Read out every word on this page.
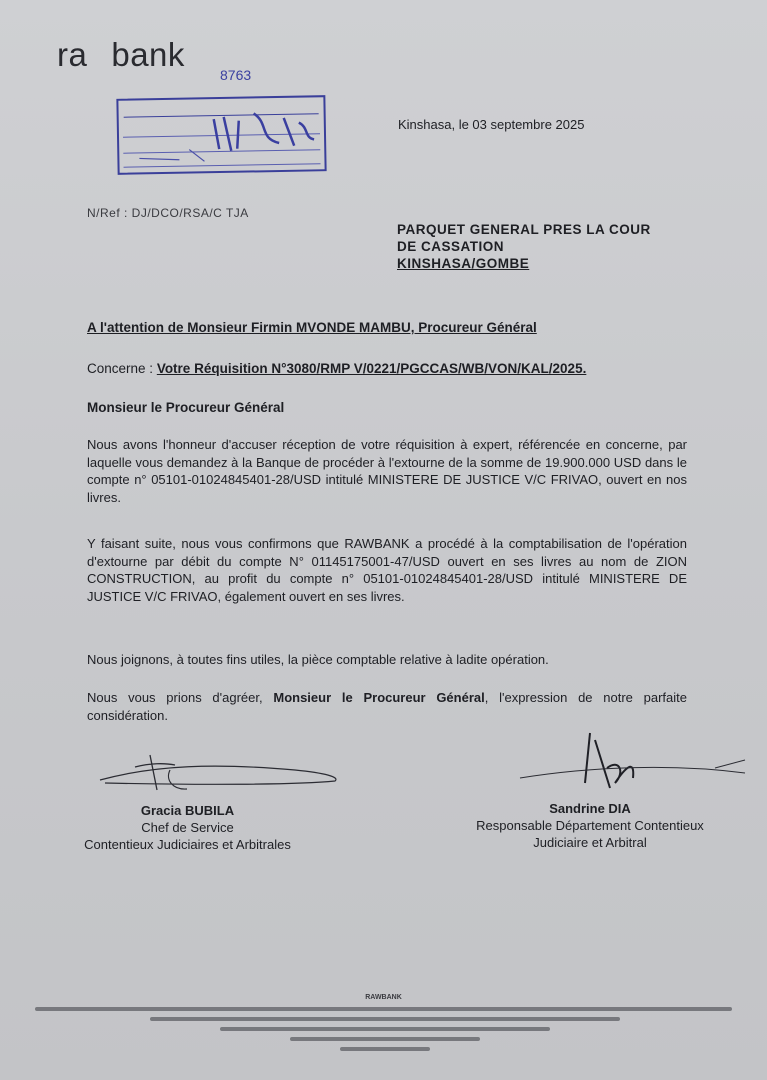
ra bank
8763
Kinshasa, le 03 septembre 2025
N/Ref : DJ/DCO/RSA/C TJA
PARQUET GENERAL PRES LA COUR
DE CASSATION
KINSHASA/GOMBE
A l'attention de Monsieur Firmin MVONDE MAMBU, Procureur Général
Concerne : Votre Réquisition N°3080/RMP V/0221/PGCCAS/WB/VON/KAL/2025.
Monsieur le Procureur Général
Nous avons l'honneur d'accuser réception de votre réquisition à expert, référencée en concerne, par laquelle vous demandez à la Banque de procéder à l'extourne de la somme de 19.900.000 USD dans le compte n° 05101-01024845401-28/USD intitulé MINISTERE DE JUSTICE V/C FRIVAO, ouvert en nos livres.
Y faisant suite, nous vous confirmons que RAWBANK a procédé à la comptabilisation de l'opération d'extourne par débit du compte N° 01145175001-47/USD ouvert en ses livres au nom de ZION CONSTRUCTION, au profit du compte n° 05101-01024845401-28/USD intitulé MINISTERE DE JUSTICE V/C FRIVAO, également ouvert en ses livres.
Nous joignons, à toutes fins utiles, la pièce comptable relative à ladite opération.
Nous vous prions d'agréer, Monsieur le Procureur Général, l'expression de notre parfaite considération.
Gracia BUBILA
Chef de Service
Contentieux Judiciaires et Arbitrales
Sandrine DIA
Responsable Département Contentieux
Judiciaire et Arbitral
RAWBANK
